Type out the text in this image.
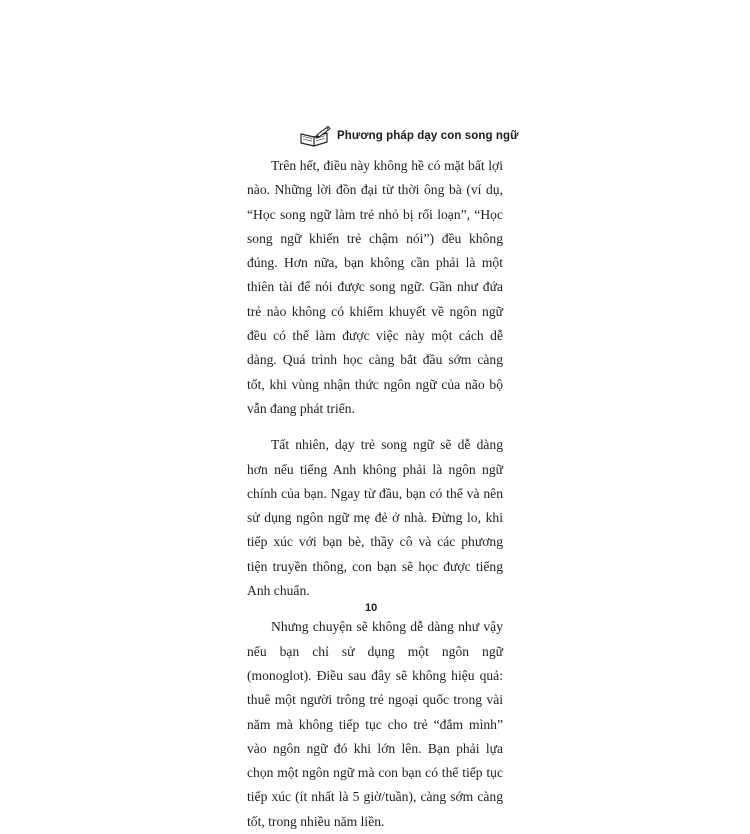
Phương pháp dạy con song ngữ

Trên hết, điều này không hề có mặt bất lợi nào. Những lời đồn đại từ thời ông bà (ví dụ, “Học song ngữ làm trẻ nhỏ bị rối loạn”, “Học song ngữ khiến trẻ chậm nói”) đều không đúng. Hơn nữa, bạn không cần phải là một thiên tài để nói được song ngữ. Gần như đứa trẻ nào không có khiếm khuyết về ngôn ngữ đều có thể làm được việc này một cách dễ dàng. Quá trình học càng bắt đầu sớm càng tốt, khi vùng nhận thức ngôn ngữ của não bộ vẫn đang phát triển.

Tất nhiên, dạy trẻ song ngữ sẽ dễ dàng hơn nếu tiếng Anh không phải là ngôn ngữ chính của bạn. Ngay từ đầu, bạn có thể và nên sử dụng ngôn ngữ mẹ đẻ ở nhà. Đừng lo, khi tiếp xúc với bạn bè, thầy cô và các phương tiện truyền thông, con bạn sẽ học được tiếng Anh chuẩn.

Nhưng chuyện sẽ không dễ dàng như vậy nếu bạn chỉ sử dụng một ngôn ngữ (monoglot). Điều sau đây sẽ không hiệu quả: thuê một người trông trẻ ngoại quốc trong vài năm mà không tiếp tục cho trẻ “đắm mình” vào ngôn ngữ đó khi lớn lên. Bạn phải lựa chọn một ngôn ngữ mà con bạn có thể tiếp tục tiếp xúc (ít nhất là 5 giờ/tuần), càng sớm càng tốt, trong nhiều năm liền.

10
